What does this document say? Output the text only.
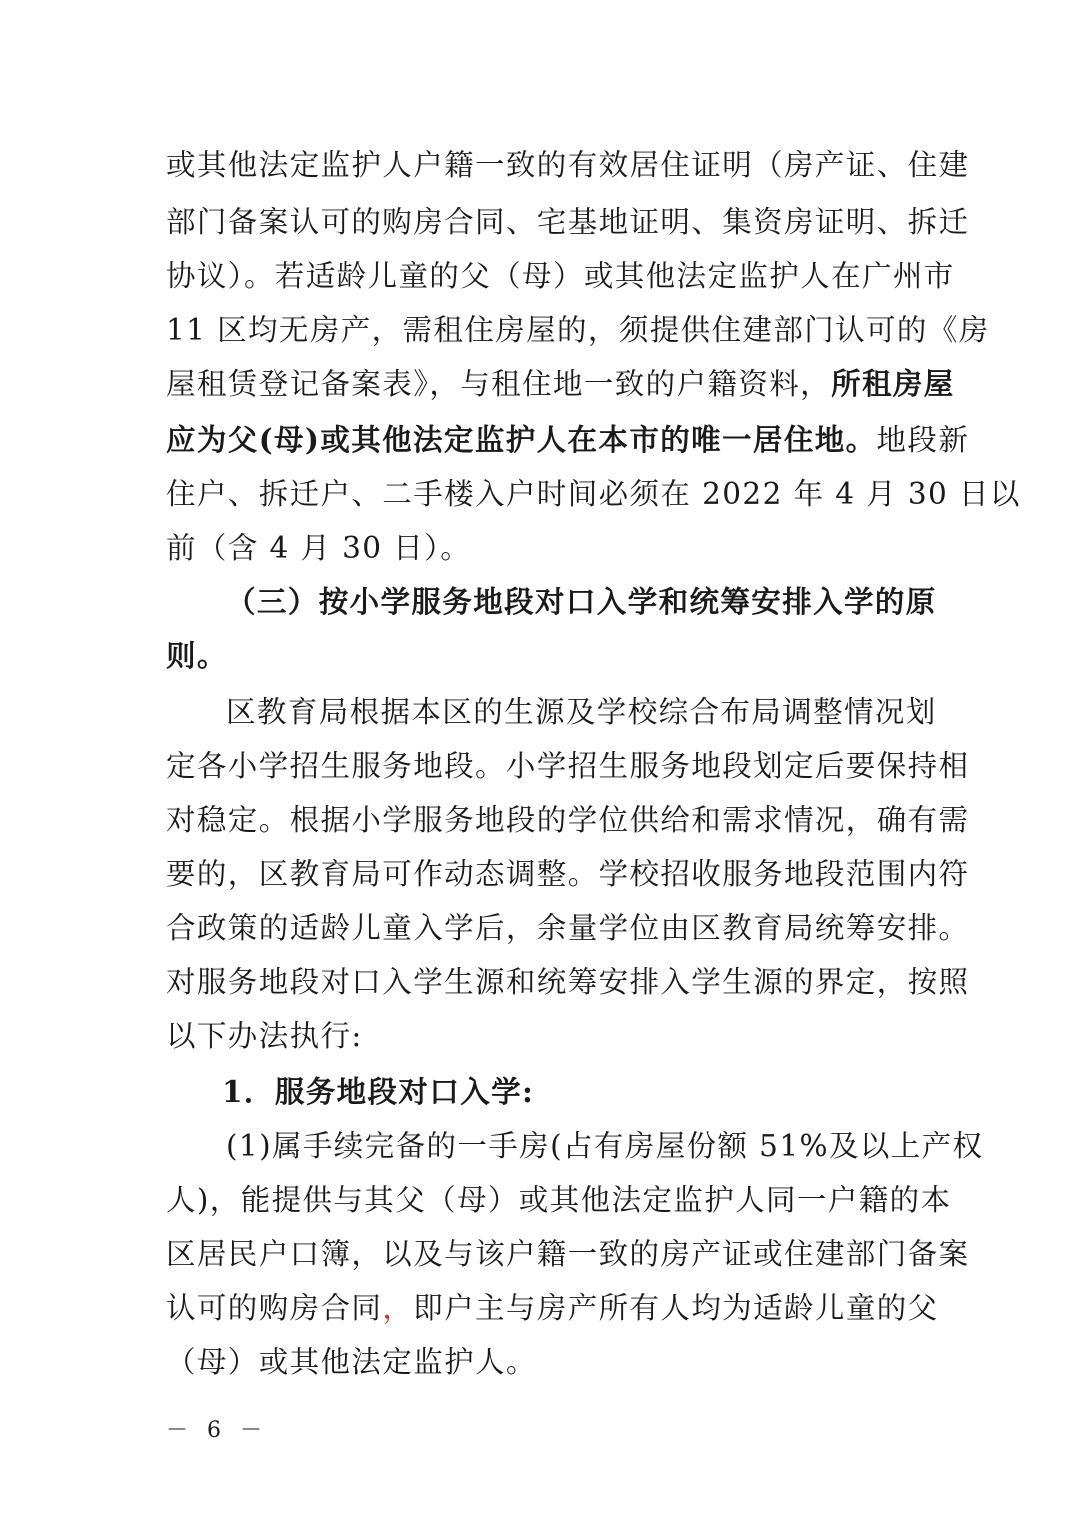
或其他法定监护人户籍一致的有效居住证明（房产证、住建
部门备案认可的购房合同、宅基地证明、集资房证明、拆迁
协议）。若适龄儿童的父（母）或其他法定监护人在广州市
11 区均无房产，需租住房屋的，须提供住建部门认可的《房
屋租赁登记备案表》，与租住地一致的户籍资料，所租房屋
应为父(母)或其他法定监护人在本市的唯一居住地。地段新
住户、拆迁户、二手楼入户时间必须在 2022 年 4 月 30 日以
前（含 4 月 30 日）。
（三）按小学服务地段对口入学和统筹安排入学的原
则。
区教育局根据本区的生源及学校综合布局调整情况划
定各小学招生服务地段。小学招生服务地段划定后要保持相
对稳定。根据小学服务地段的学位供给和需求情况，确有需
要的，区教育局可作动态调整。学校招收服务地段范围内符
合政策的适龄儿童入学后，余量学位由区教育局统筹安排。
对服务地段对口入学生源和统筹安排入学生源的界定，按照
以下办法执行:
1．服务地段对口入学:
(1)属手续完备的一手房(占有房屋份额 51%及以上产权
人)，能提供与其父（母）或其他法定监护人同一户籍的本
区居民户口簿，以及与该户籍一致的房产证或住建部门备案
认可的购房合同，即户主与房产所有人均为适龄儿童的父
（母）或其他法定监护人。
－ 6 －
